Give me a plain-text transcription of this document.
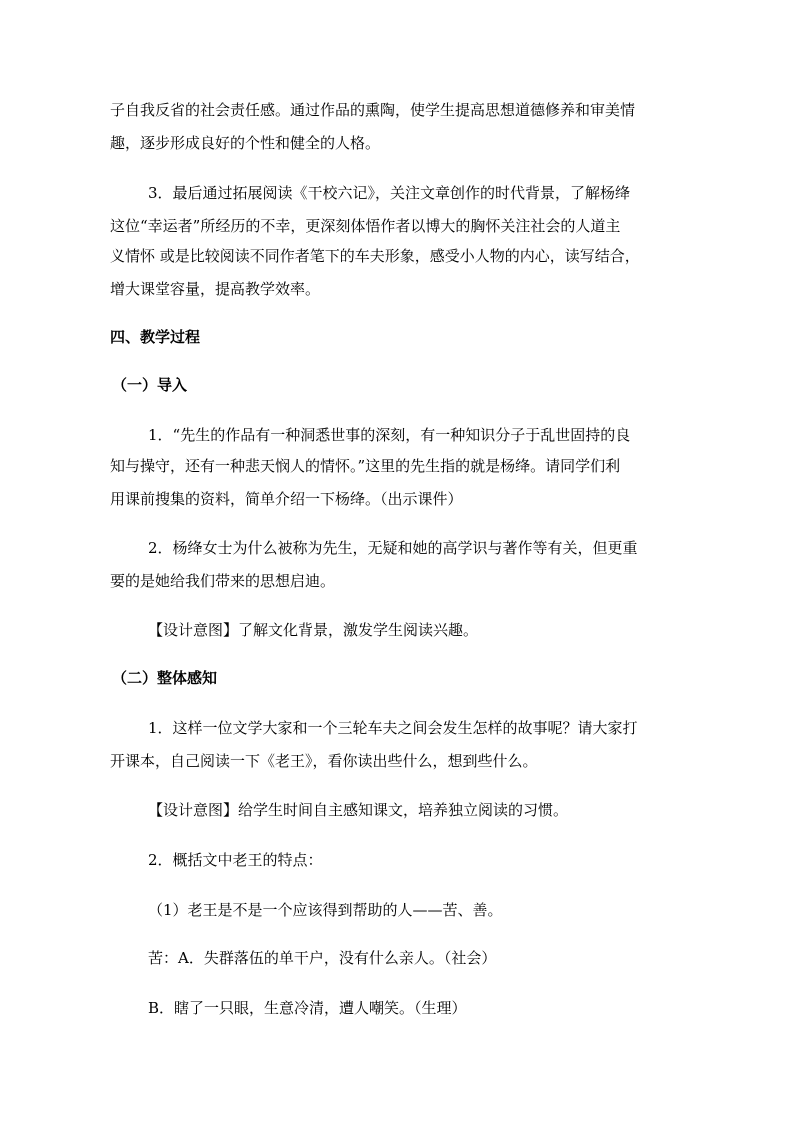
子自我反省的社会责任感。通过作品的熏陶，使学生提高思想道德修养和审美情
趣，逐步形成良好的个性和健全的人格。
3．最后通过拓展阅读《干校六记》，关注文章创作的时代背景，了解杨绛
这位“幸运者”所经历的不幸，更深刻体悟作者以博大的胸怀关注社会的人道主
义情怀 或是比较阅读不同作者笔下的车夫形象，感受小人物的内心，读写结合，
增大课堂容量，提高教学效率。
四、教学过程
（一）导入
1．“先生的作品有一种洞悉世事的深刻，有一种知识分子于乱世固持的良
知与操守，还有一种悲天悯人的情怀。”这里的先生指的就是杨绛。请同学们利
用课前搜集的资料，简单介绍一下杨绛。（出示课件）
2．杨绛女士为什么被称为先生，无疑和她的高学识与著作等有关，但更重
要的是她给我们带来的思想启迪。
【设计意图】了解文化背景，激发学生阅读兴趣。
（二）整体感知
1．这样一位文学大家和一个三轮车夫之间会发生怎样的故事呢？请大家打
开课本，自己阅读一下《老王》，看你读出些什么，想到些什么。
【设计意图】给学生时间自主感知课文，培养独立阅读的习惯。
2．概括文中老王的特点：
（1）老王是不是一个应该得到帮助的人——苦、善。
苦：A．失群落伍的单干户，没有什么亲人。（社会）
B．瞎了一只眼，生意冷清，遭人嘲笑。（生理）
